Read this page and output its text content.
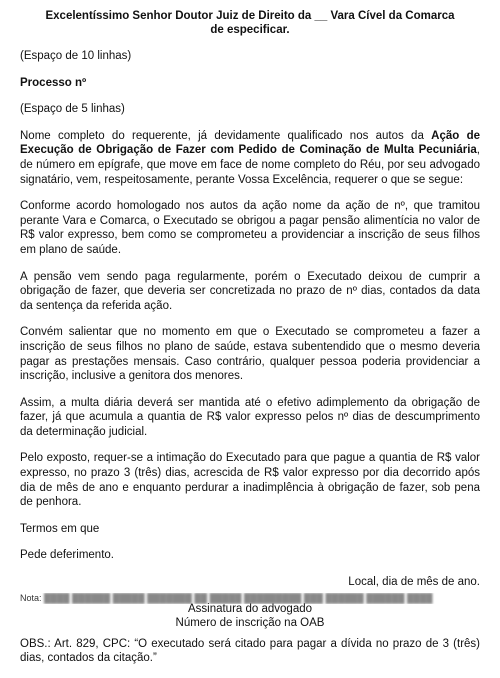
Excelentíssimo Senhor Doutor Juiz de Direito da __ Vara Cível da Comarca
de especificar.

(Espaço de 10 linhas)

Processo nº

(Espaço de 5 linhas)

Nome completo do requerente, já devidamente qualificado nos autos da Ação de Execução de Obrigação de Fazer com Pedido de Cominação de Multa Pecuniária, de número em epígrafe, que move em face de nome completo do Réu, por seu advogado signatário, vem, respeitosamente, perante Vossa Excelência, requerer o que se segue:

Conforme acordo homologado nos autos da ação nome da ação de nº, que tramitou perante Vara e Comarca, o Executado se obrigou a pagar pensão alimentícia no valor de R$ valor expresso, bem como se comprometeu a providenciar a inscrição de seus filhos em plano de saúde.

A pensão vem sendo paga regularmente, porém o Executado deixou de cumprir a obrigação de fazer, que deveria ser concretizada no prazo de nº dias, contados da data da sentença da referida ação.

Convém salientar que no momento em que o Executado se comprometeu a fazer a inscrição de seus filhos no plano de saúde, estava subentendido que o mesmo deveria pagar as prestações mensais. Caso contrário, qualquer pessoa poderia providenciar a inscrição, inclusive a genitora dos menores.

Assim, a multa diária deverá ser mantida até o efetivo adimplemento da obrigação de fazer, já que acumula a quantia de R$ valor expresso pelos nº dias de descumprimento da determinação judicial.

Pelo exposto, requer-se a intimação do Executado para que pague a quantia de R$ valor expresso, no prazo 3 (três) dias, acrescida de R$ valor expresso por dia decorrido após dia de mês de ano e enquanto perdurar a inadimplência à obrigação de fazer, sob pena de penhora.

Termos em que

Pede deferimento.

Local, dia de mês de ano.

Assinatura do advogado
Número de inscrição na OAB

OBS.: Art. 829, CPC: “O executado será citado para pagar a dívida no prazo de 3 (três) dias, contados da citação.”

Nota: ████ ██████ █████ ███████ ██ █████ █████████ ███ ██████ ██████ ████
